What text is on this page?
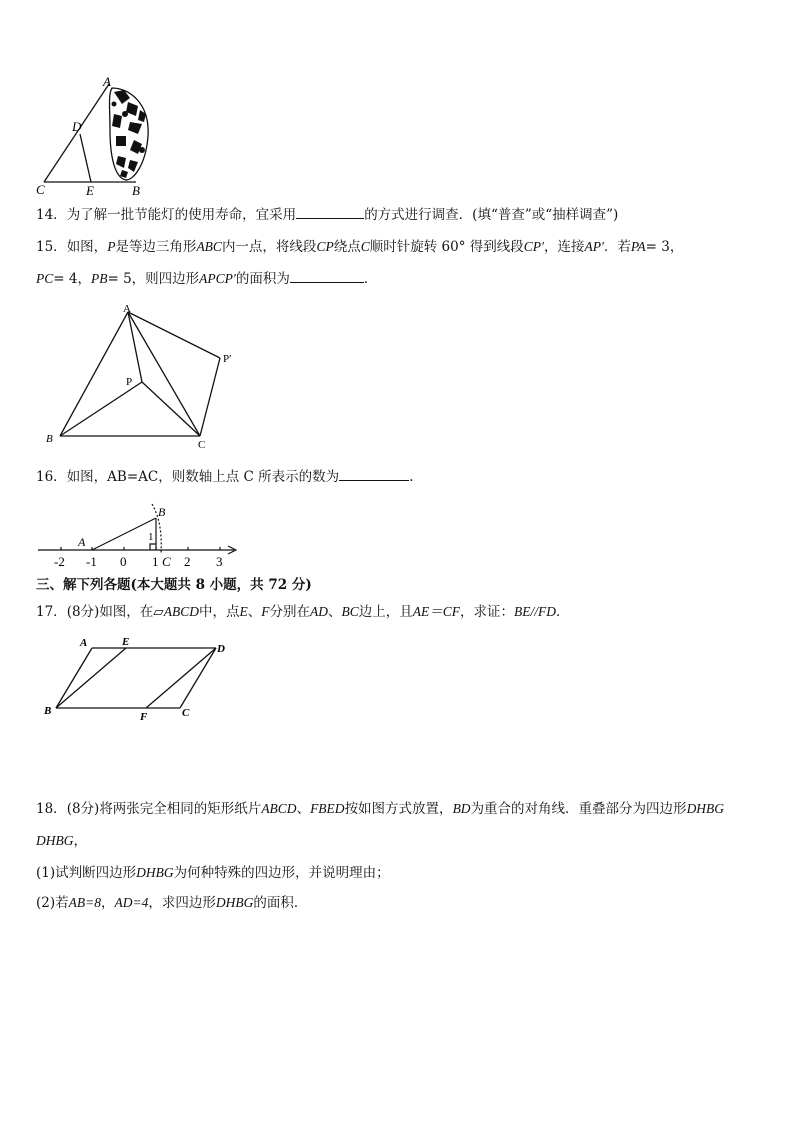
A
D
C	E	B
14．为了解一批节能灯的使用寿命，宜采用	的方式进行调查．(填“普查”或“抽样调查”)
15．如图，P是等边三角形ABC内一点，将线段CP绕点C顺时针旋转 60° 得到线段CP′，连接AP′．若PA= 3，
PC= 4，PB= 5，则四边形APCP′的面积为	．
A
P
P′
B	C
16．如图，AB=AC，则数轴上点 C 所表示的数为	.
-2 -1 0 1 2 3
A
B
1
C
三、解下列各题(本大题共 8 小题，共 72 分)
17．(8分)如图，在▱ABCD中，点E、F分别在AD、BC边上，且AE＝CF，求证：BE//FD．
A	E
D
B	F	C
18．(8分)将两张完全相同的矩形纸片ABCD、FBED按如图方式放置，BD为重合的对角线．重叠部分为四边形DHBG
DHBG，
(1)试判断四边形DHBG为何种特殊的四边形，并说明理由；
(2)若AB=8，AD=4，求四边形DHBG的面积．
